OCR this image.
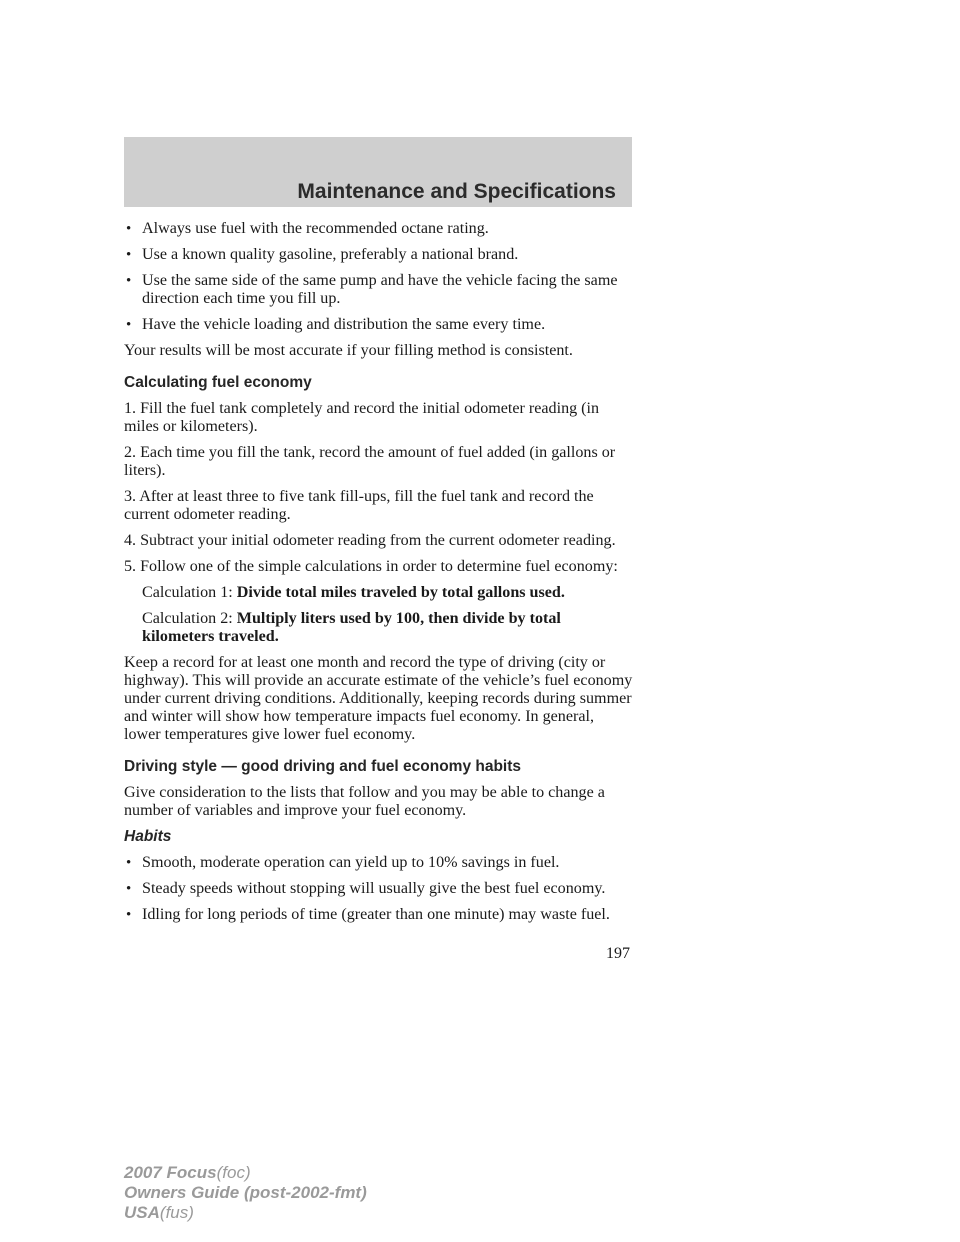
Maintenance and Specifications
• Always use fuel with the recommended octane rating.
• Use a known quality gasoline, preferably a national brand.
• Use the same side of the same pump and have the vehicle facing the same direction each time you fill up.
• Have the vehicle loading and distribution the same every time.

Your results will be most accurate if your filling method is consistent.

Calculating fuel economy

1. Fill the fuel tank completely and record the initial odometer reading (in miles or kilometers).

2. Each time you fill the tank, record the amount of fuel added (in gallons or liters).

3. After at least three to five tank fill-ups, fill the fuel tank and record the current odometer reading.

4. Subtract your initial odometer reading from the current odometer reading.

5. Follow one of the simple calculations in order to determine fuel economy:

Calculation 1: Divide total miles traveled by total gallons used.
Calculation 2: Multiply liters used by 100, then divide by total kilometers traveled.

Keep a record for at least one month and record the type of driving (city or highway). This will provide an accurate estimate of the vehicle’s fuel economy under current driving conditions. Additionally, keeping records during summer and winter will show how temperature impacts fuel economy. In general, lower temperatures give lower fuel economy.

Driving style — good driving and fuel economy habits

Give consideration to the lists that follow and you may be able to change a number of variables and improve your fuel economy.

Habits
• Smooth, moderate operation can yield up to 10% savings in fuel.
• Steady speeds without stopping will usually give the best fuel economy.
• Idling for long periods of time (greater than one minute) may waste fuel.
197
2007 Focus(foc)
Owners Guide (post-2002-fmt)
USA(fus)
